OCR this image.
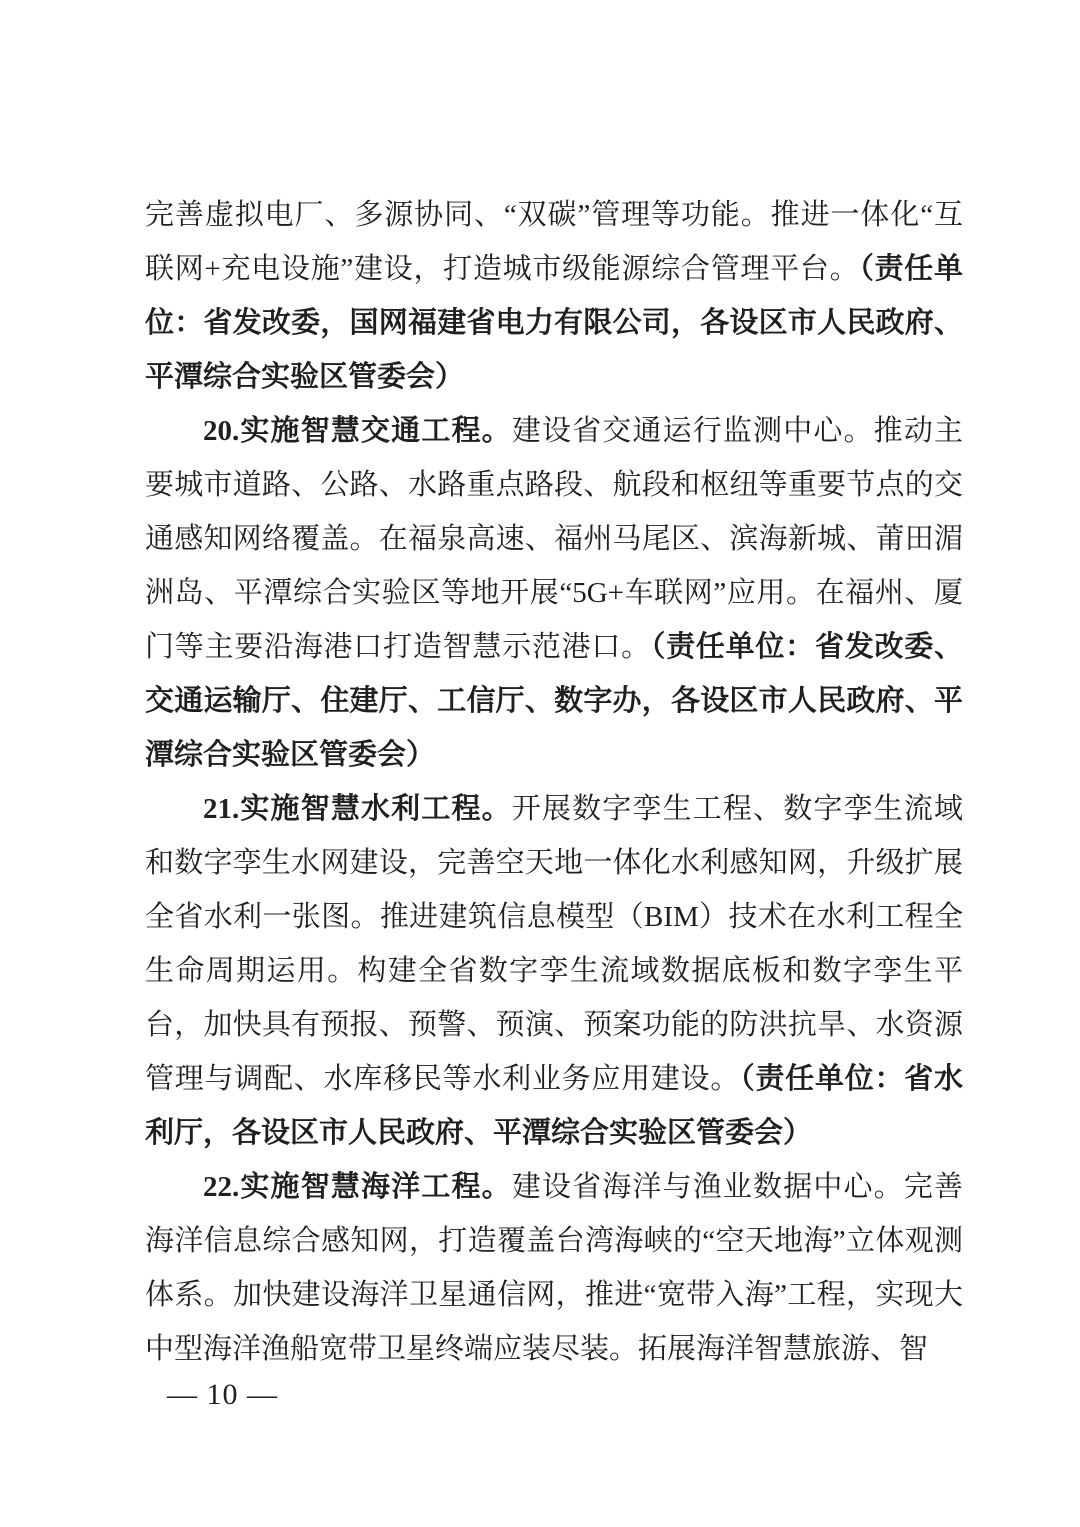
完善虚拟电厂、多源协同、“双碳”管理等功能。推进一体化“互联网+充电设施”建设，打造城市级能源综合管理平台。（责任单位：省发改委，国网福建省电力有限公司，各设区市人民政府、平潭综合实验区管委会）

20.实施智慧交通工程。建设省交通运行监测中心。推动主要城市道路、公路、水路重点路段、航段和枢纽等重要节点的交通感知网络覆盖。在福泉高速、福州马尾区、滨海新城、莆田湄洲岛、平潭综合实验区等地开展“5G+车联网”应用。在福州、厦门等主要沿海港口打造智慧示范港口。（责任单位：省发改委、交通运输厅、住建厅、工信厅、数字办，各设区市人民政府、平潭综合实验区管委会）

21.实施智慧水利工程。开展数字孪生工程、数字孪生流域和数字孪生水网建设，完善空天地一体化水利感知网，升级扩展全省水利一张图。推进建筑信息模型（BIM）技术在水利工程全生命周期运用。构建全省数字孪生流域数据底板和数字孪生平台，加快具有预报、预警、预演、预案功能的防洪抗旱、水资源管理与调配、水库移民等水利业务应用建设。（责任单位：省水利厅，各设区市人民政府、平潭综合实验区管委会）

22.实施智慧海洋工程。建设省海洋与渔业数据中心。完善海洋信息综合感知网，打造覆盖台湾海峡的“空天地海”立体观测体系。加快建设海洋卫星通信网，推进“宽带入海”工程，实现大中型海洋渔船宽带卫星终端应装尽装。拓展海洋智慧旅游、智

— 10 —
